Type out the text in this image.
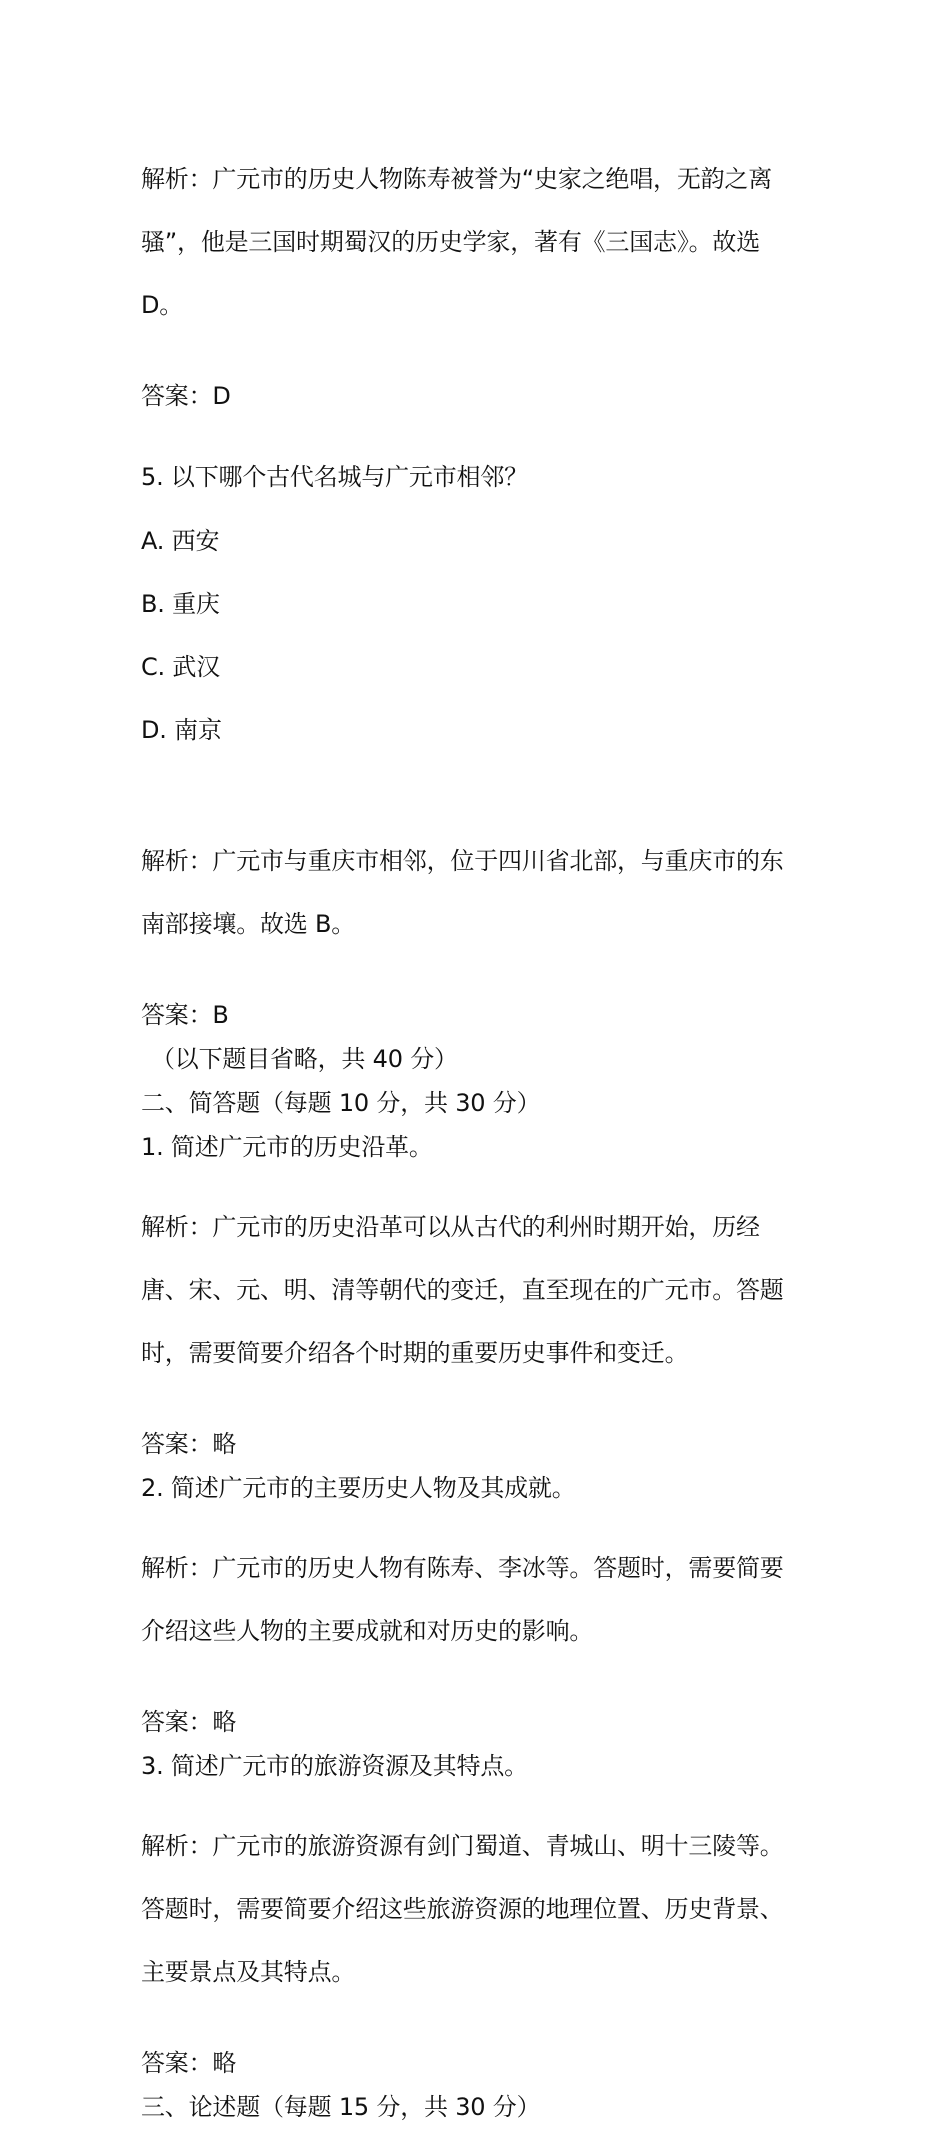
解析：广元市的历史人物陈寿被誉为“史家之绝唱，无韵之离

骚”，他是三国时期蜀汉的历史学家，著有《三国志》。故选

D。

答案：D

5. 以下哪个古代名城与广元市相邻？

A. 西安

B. 重庆

C. 武汉

D. 南京

解析：广元市与重庆市相邻，位于四川省北部，与重庆市的东

南部接壤。故选 B。

答案：B
（以下题目省略，共 40 分）
二、简答题（每题 10 分，共 30 分）
1. 简述广元市的历史沿革。

解析：广元市的历史沿革可以从古代的利州时期开始，历经

唐、宋、元、明、清等朝代的变迁，直至现在的广元市。答题

时，需要简要介绍各个时期的重要历史事件和变迁。

答案：略
2. 简述广元市的主要历史人物及其成就。

解析：广元市的历史人物有陈寿、李冰等。答题时，需要简要

介绍这些人物的主要成就和对历史的影响。

答案：略
3. 简述广元市的旅游资源及其特点。

解析：广元市的旅游资源有剑门蜀道、青城山、明十三陵等。

答题时，需要简要介绍这些旅游资源的地理位置、历史背景、

主要景点及其特点。

答案：略
三、论述题（每题 15 分，共 30 分）
